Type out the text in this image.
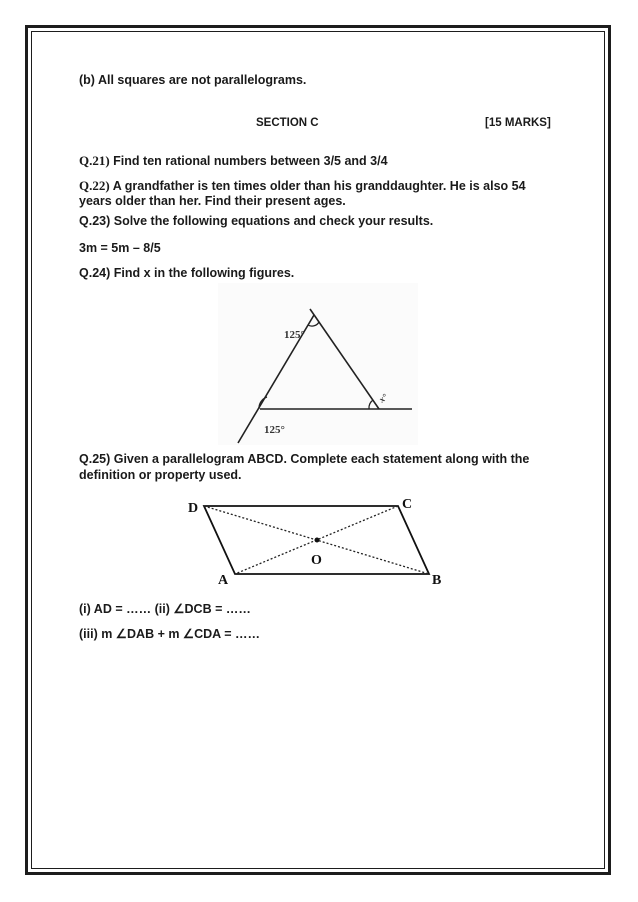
(b) All squares are not parallelograms.
SECTION C	[15 MARKS]
Q.21) Find ten rational numbers between 3/5 and 3/4
Q.22) A grandfather is ten times older than his granddaughter. He is also 54
years older than her. Find their present ages.
Q.23) Solve the following equations and check your results.
3m = 5m – 8/5
Q.24) Find x in the following figures.
125°
125°
x°
Q.25) Given a parallelogram ABCD. Complete each statement along with the
definition or property used.
D	C
A	B
O
(i) AD = …… (ii) ∠DCB = ……
(iii) m ∠DAB + m ∠CDA = ……
